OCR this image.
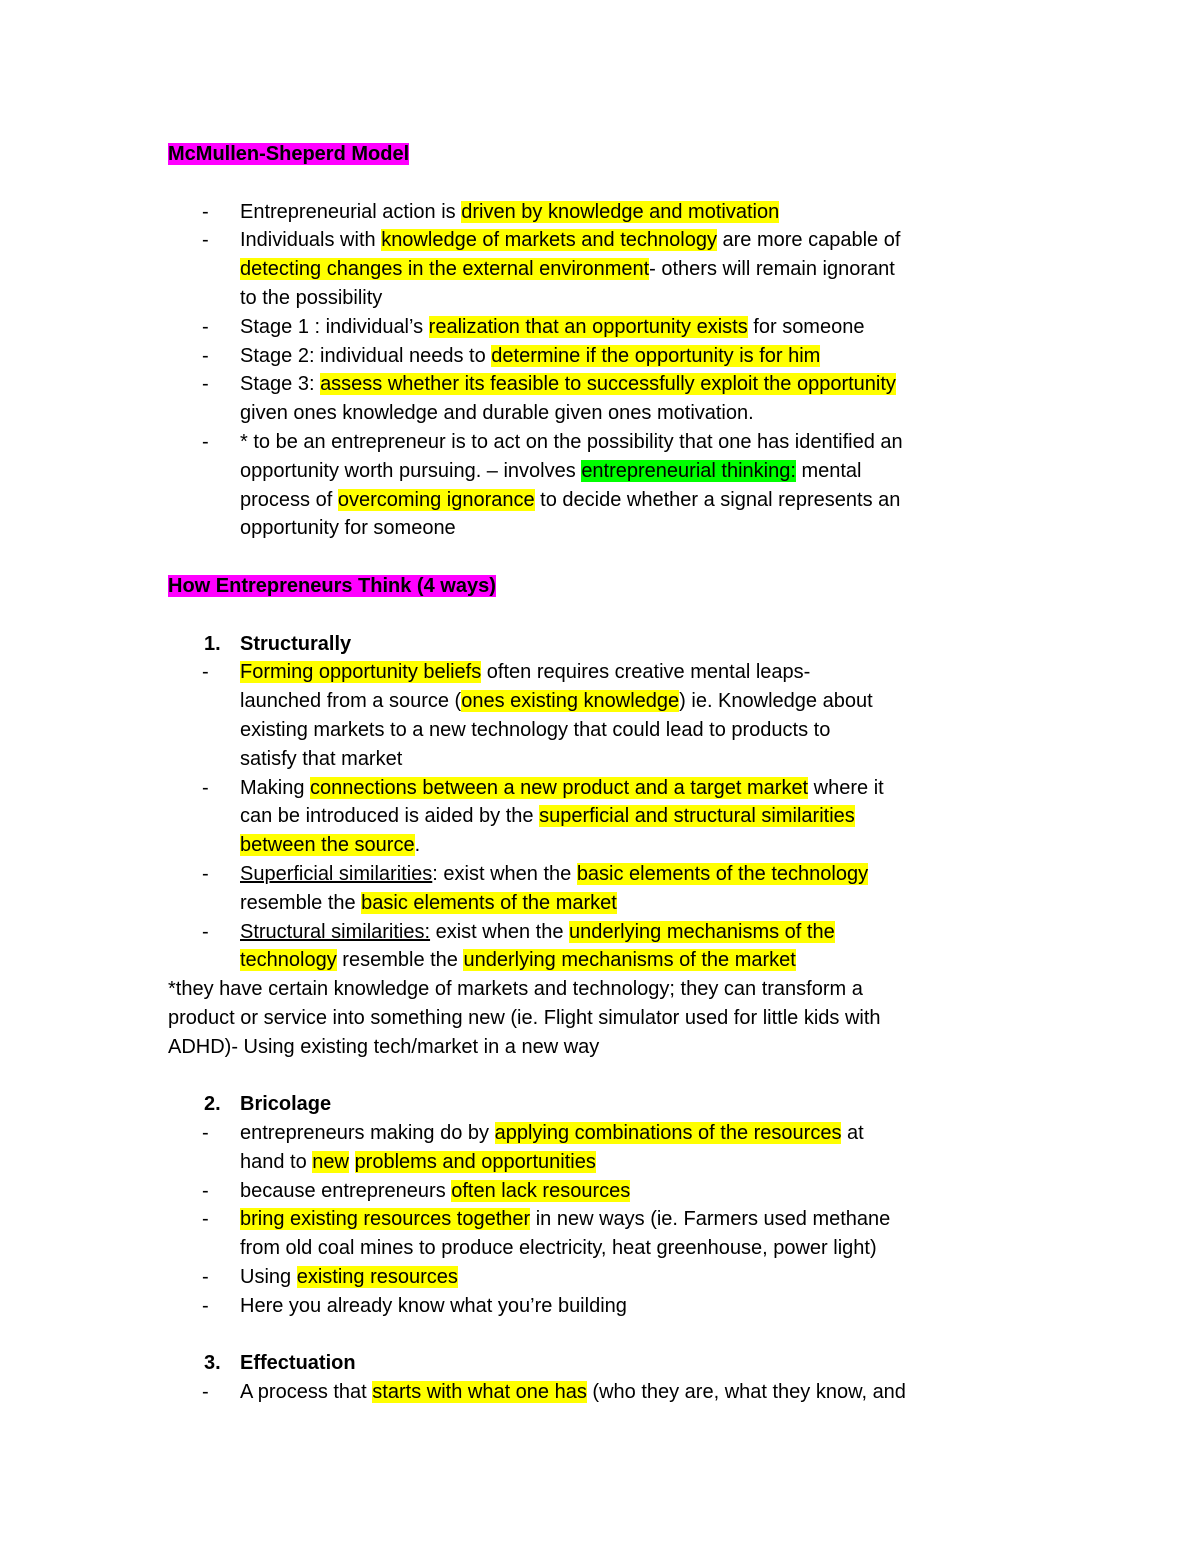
McMullen-Sheperd Model
- Entrepreneurial action is driven by knowledge and motivation
- Individuals with knowledge of markets and technology are more capable of
detecting changes in the external environment- others will remain ignorant
to the possibility
- Stage 1 : individual’s realization that an opportunity exists for someone
- Stage 2: individual needs to determine if the opportunity is for him
- Stage 3: assess whether its feasible to successfully exploit the opportunity
given ones knowledge and durable given ones motivation.
- * to be an entrepreneur is to act on the possibility that one has identified an
opportunity worth pursuing. – involves entrepreneurial thinking: mental
process of overcoming ignorance to decide whether a signal represents an
opportunity for someone
How Entrepreneurs Think (4 ways)
1. Structurally
- Forming opportunity beliefs often requires creative mental leaps-
launched from a source (ones existing knowledge) ie. Knowledge about
existing markets to a new technology that could lead to products to
satisfy that market
- Making connections between a new product and a target market where it
can be introduced is aided by the superficial and structural similarities
between the source.
- Superficial similarities: exist when the basic elements of the technology
resemble the basic elements of the market
- Structural similarities: exist when the underlying mechanisms of the
technology resemble the underlying mechanisms of the market
*they have certain knowledge of markets and technology; they can transform a
product or service into something new (ie. Flight simulator used for little kids with
ADHD)- Using existing tech/market in a new way
2. Bricolage
- entrepreneurs making do by applying combinations of the resources at
hand to new problems and opportunities
- because entrepreneurs often lack resources
- bring existing resources together in new ways (ie. Farmers used methane
from old coal mines to produce electricity, heat greenhouse, power light)
- Using existing resources
- Here you already know what you’re building
3. Effectuation
- A process that starts with what one has (who they are, what they know, and
